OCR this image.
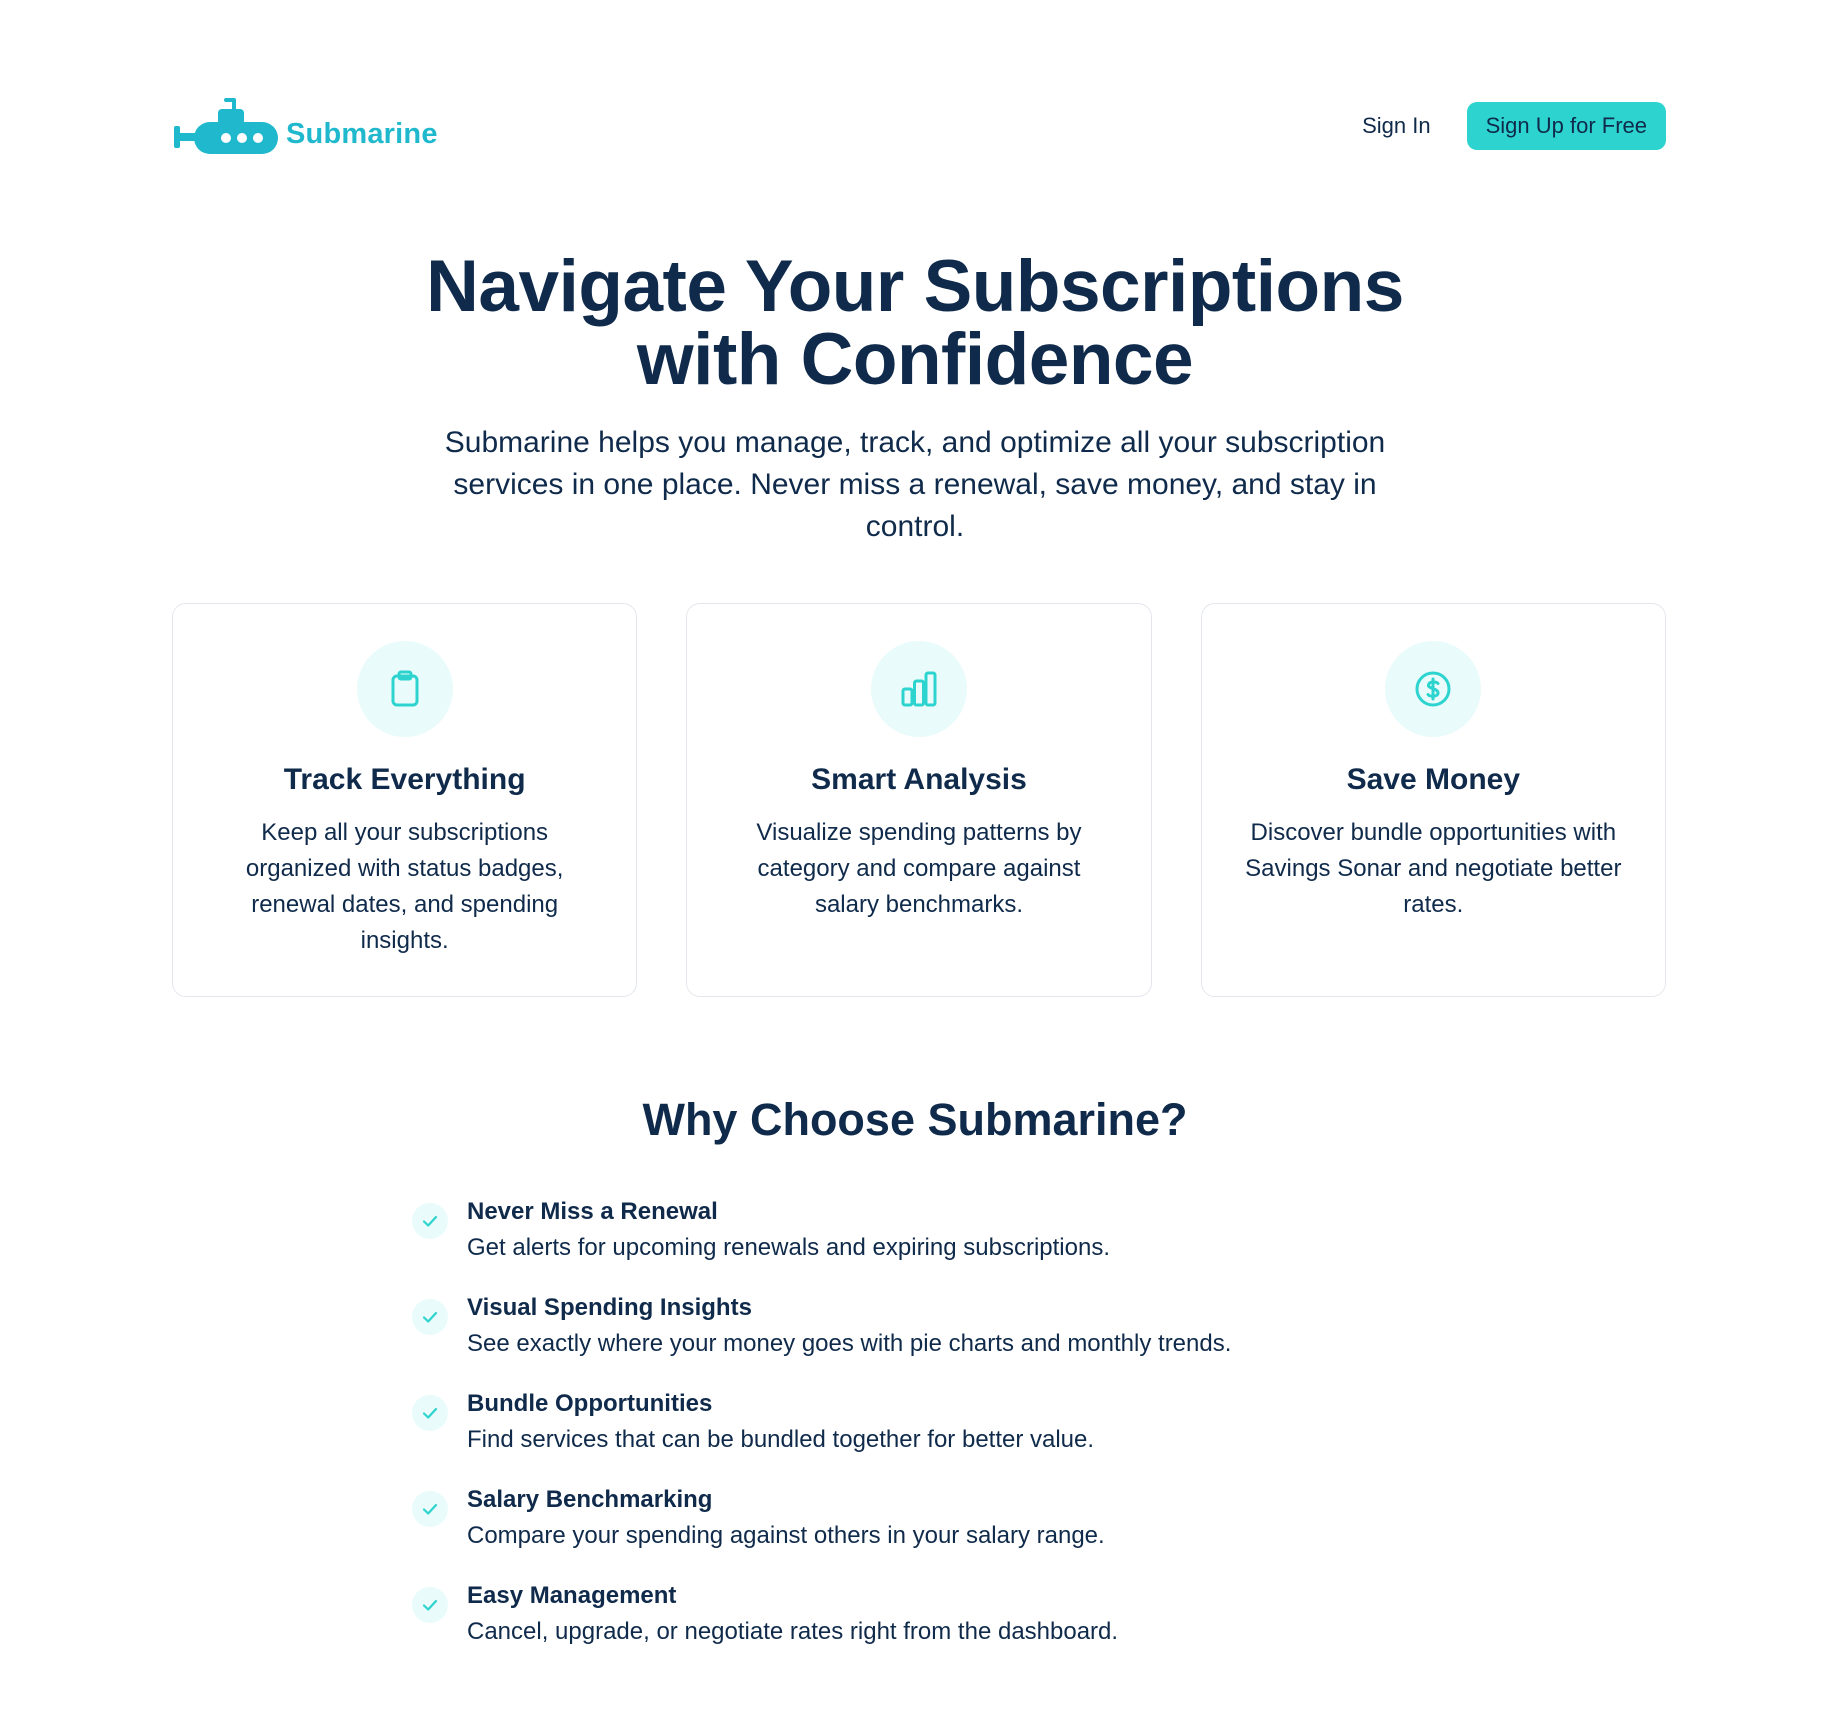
Submarine	Sign In	Sign Up for Free
Navigate Your Subscriptions
with Confidence

Submarine helps you manage, track, and optimize all your subscription services in one place. Never miss a renewal, save money, and stay in control.

Track Everything

Keep all your subscriptions organized with status badges, renewal dates, and spending insights.

Smart Analysis

Visualize spending patterns by category and compare against salary benchmarks.

Save Money

Discover bundle opportunities with Savings Sonar and negotiate better rates.

Why Choose Submarine?
Never Miss a Renewal
Get alerts for upcoming renewals and expiring subscriptions.
Visual Spending Insights
See exactly where your money goes with pie charts and monthly trends.
Bundle Opportunities
Find services that can be bundled together for better value.
Salary Benchmarking
Compare your spending against others in your salary range.
Easy Management
Cancel, upgrade, or negotiate rates right from the dashboard.
